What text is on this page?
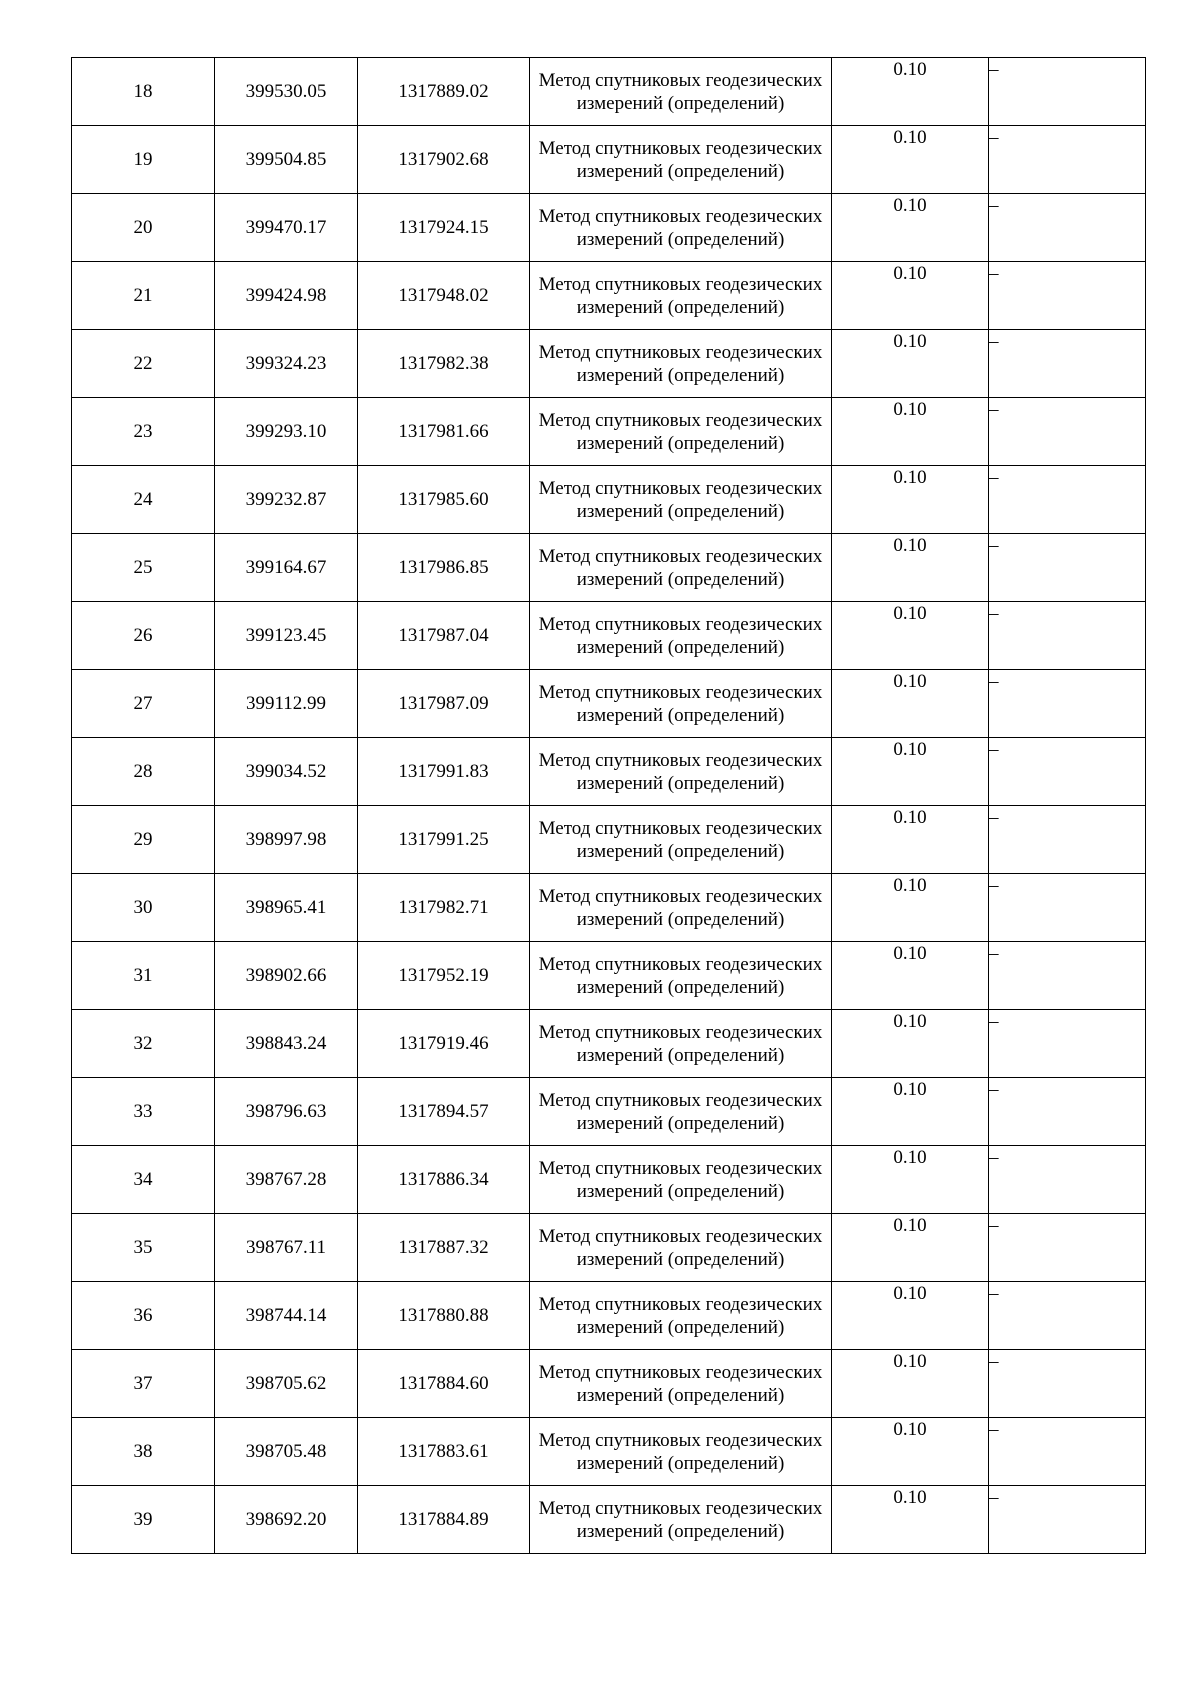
18	399530.05	1317889.02	Метод спутниковых геодезических измерений (определений)	0.10	–
19	399504.85	1317902.68	Метод спутниковых геодезических измерений (определений)	0.10	–
20	399470.17	1317924.15	Метод спутниковых геодезических измерений (определений)	0.10	–
21	399424.98	1317948.02	Метод спутниковых геодезических измерений (определений)	0.10	–
22	399324.23	1317982.38	Метод спутниковых геодезических измерений (определений)	0.10	–
23	399293.10	1317981.66	Метод спутниковых геодезических измерений (определений)	0.10	–
24	399232.87	1317985.60	Метод спутниковых геодезических измерений (определений)	0.10	–
25	399164.67	1317986.85	Метод спутниковых геодезических измерений (определений)	0.10	–
26	399123.45	1317987.04	Метод спутниковых геодезических измерений (определений)	0.10	–
27	399112.99	1317987.09	Метод спутниковых геодезических измерений (определений)	0.10	–
28	399034.52	1317991.83	Метод спутниковых геодезических измерений (определений)	0.10	–
29	398997.98	1317991.25	Метод спутниковых геодезических измерений (определений)	0.10	–
30	398965.41	1317982.71	Метод спутниковых геодезических измерений (определений)	0.10	–
31	398902.66	1317952.19	Метод спутниковых геодезических измерений (определений)	0.10	–
32	398843.24	1317919.46	Метод спутниковых геодезических измерений (определений)	0.10	–
33	398796.63	1317894.57	Метод спутниковых геодезических измерений (определений)	0.10	–
34	398767.28	1317886.34	Метод спутниковых геодезических измерений (определений)	0.10	–
35	398767.11	1317887.32	Метод спутниковых геодезических измерений (определений)	0.10	–
36	398744.14	1317880.88	Метод спутниковых геодезических измерений (определений)	0.10	–
37	398705.62	1317884.60	Метод спутниковых геодезических измерений (определений)	0.10	–
38	398705.48	1317883.61	Метод спутниковых геодезических измерений (определений)	0.10	–
39	398692.20	1317884.89	Метод спутниковых геодезических измерений (определений)	0.10	–
